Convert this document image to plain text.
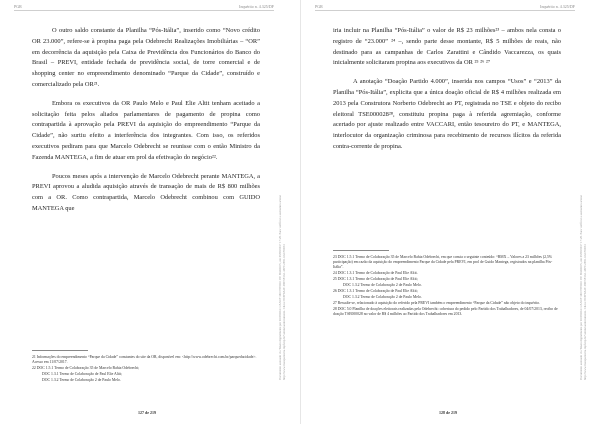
PGR	Inquérito n. 4.325/DF

O outro saldo constante da Planilha “Pós-Itália”, inserido como “Novo crédito OR 23.000”, refere-se à propina paga pela Odebrecht Realizações Imobiliárias – “OR” em decorrência da aquisição pela Caixa de Previdência dos Funcionários do Banco do Brasil – PREVI, entidade fechada de previdência social, de torre comercial e de shopping center no empreendimento denominado “Parque da Cidade”, construído e comercializado pela OR²¹.

Embora os executivos da OR Paulo Melo e Paul Elie Altit tenham aceitado a solicitação feita pelos aliados parlamentares de pagamento de propina como contrapartida à aprovação pela PREVI da aquisição do empreendimento “Parque da Cidade”, não surtiu efeito a interferência dos integrantes. Com isso, os referidos executivos pediram para que Marcelo Odebrecht se reunisse com o então Ministro da Fazenda MANTEGA, a fim de atuar em prol da efetivação do negócio²².

Poucos meses após a intervenção de Marcelo Odebrecht perante MANTEGA, a PREVI aprovou a aludida aquisição através de transação de mais de R$ 800 milhões com a OR. Como contrapartida, Marcelo Odebrecht combinou com GUIDO MANTEGA que

21 Informações do empreendimento “Parque da Cidade” constantes do site da OR, disponível em: <http://www.odebrecht.com.br/parquedacidade>. Acesso em 11/07/2017.
22 DOC 1.5.1 Termo de Colaboração 35 de Marcelo Bahia Odebrecht;
DOC 1.3.1 Termo de Colaboração de Paul Elie Altit;
DOC 1.3.2 Termo de Colaboração 2 de Paulo Melo.
127 de 219
Documento assinado via Token digitalmente por RODRIGO JANOT MONTEIRO DE BARROS, em 05/09/2017 17:29. Para verificar a assinatura acesse http://www.transparencia.mpf.mp.br/validacaodocumento. Chave 9C9F0A2E.D0E5F3A1.4B7C2E91.6A1F8D33
PGR	Inquérito n. 4.325/DF

iria incluir na Planilha “Pós-Itália” o valor de R$ 23 milhões²³ – ambos nela consta o registro de “23.000” ²⁴ –, sendo parte desse montante, R$ 5 milhões de reais, não destinado para as campanhas de Carlos Zarattini e Cândido Vaccarezza, os quais inicialmente solicitaram propina aos executivos da OR ²⁵ ²⁶ ²⁷

A anotação “Doação Partido 4.000”, inserida nos campos “Usos” e “2013” da Planilha “Pós-Itália”, explicita que a única doação oficial de R$ 4 milhões realizada em 2013 pela Construtora Norberto Odebrecht ao PT, registrada no TSE e objeto do recibo eleitoral TSE000028²⁸, constituiu propina paga à referida agremiação, conforme acertado por ajuste realizado entre VACCARI, então tesoureiro do PT, e MANTEGA, interlocutor da organização criminosa para recebimento de recursos ilícitos da referida contra-corrente de propina.

23 DOC 1.5.1 Termo de Colaboração 35 de Marcelo Bahia Odebrecht, em que consta o seguinte conteúdo: “BMX – Valores a 23 milhões (2,5% participação) em razão da aquisição do empreendimento Parque da Cidade pela PREVI, em prol de Guido Mantega, registrados na planilha Pós-Itália”.
24 DOC 1.3.1 Termo de Colaboração de Paul Elie Altit.
25 DOC 1.3.1 Termo de Colaboração de Paul Elie Altit;
DOC 1.3.2 Termo de Colaboração 2 de Paulo Melo.
26 DOC 1.3.1 Termo de Colaboração de Paul Elie Altit;
DOC 1.3.2 Termo de Colaboração 2 de Paulo Melo.
27 Ressalte-se, relacionado à aquisição do referido pela PREVI também o empreendimento “Parque da Cidade” não objeto do inquérito.
28 DOC 5.0 Planilha de doações eleitorais realizadas pela Odebrecht: cobertura do pedido pelo Partido dos Trabalhadores, de 04/07/2013, recibo de doação TSE000028 no valor de R$ 4 milhões ao Partido dos Trabalhadores em 2013.
128 de 219
Documento assinado via Token digitalmente por RODRIGO JANOT MONTEIRO DE BARROS, em 05/09/2017 17:29. Para verificar a assinatura acesse http://www.transparencia.mpf.mp.br/validacaodocumento. Chave 9C9F0A2E.D0E5F3A1.4B7C2E91.6A1F8D33
